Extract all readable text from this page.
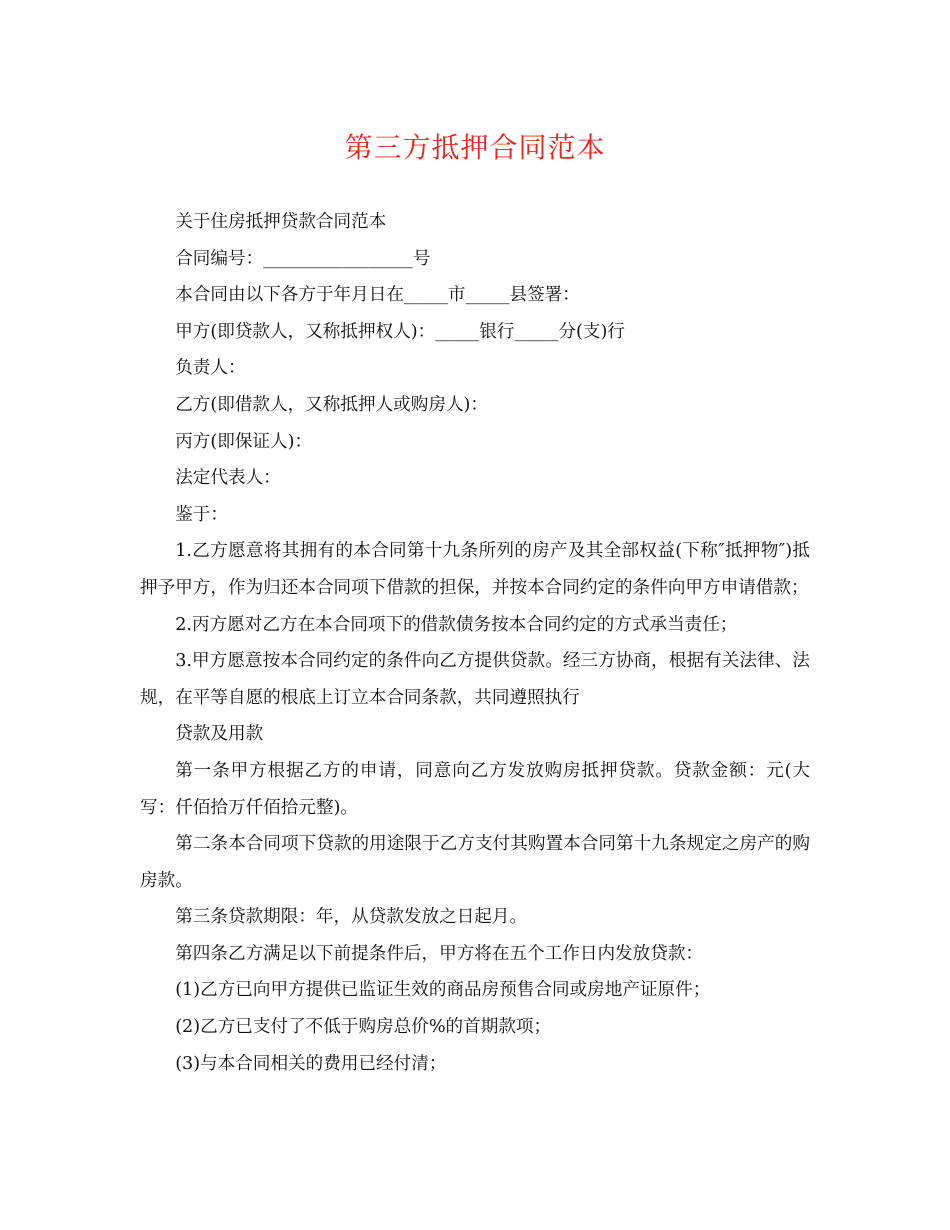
第三方抵押合同范本

关于住房抵押贷款合同范本

合同编号：_________________号

本合同由以下各方于年月日在_____市_____县签署：

甲方(即贷款人，又称抵押权人)：_____银行_____分(支)行

负责人：

乙方(即借款人，又称抵押人或购房人)：

丙方(即保证人)：

法定代表人：

鉴于：

1.乙方愿意将其拥有的本合同第十九条所列的房产及其全部权益(下称″抵押物″)抵押予甲方，作为归还本合同项下借款的担保，并按本合同约定的条件向甲方申请借款；

2.丙方愿对乙方在本合同项下的借款债务按本合同约定的方式承当责任；

3.甲方愿意按本合同约定的条件向乙方提供贷款。经三方协商，根据有关法律、法规，在平等自愿的根底上订立本合同条款，共同遵照执行

贷款及用款

第一条甲方根据乙方的申请，同意向乙方发放购房抵押贷款。贷款金额：元(大写：仟佰拾万仟佰拾元整)。

第二条本合同项下贷款的用途限于乙方支付其购置本合同第十九条规定之房产的购房款。

第三条贷款期限：年，从贷款发放之日起月。

第四条乙方满足以下前提条件后，甲方将在五个工作日内发放贷款：

(1)乙方已向甲方提供已监证生效的商品房预售合同或房地产证原件；

(2)乙方已支付了不低于购房总价%的首期款项；

(3)与本合同相关的费用已经付清；
